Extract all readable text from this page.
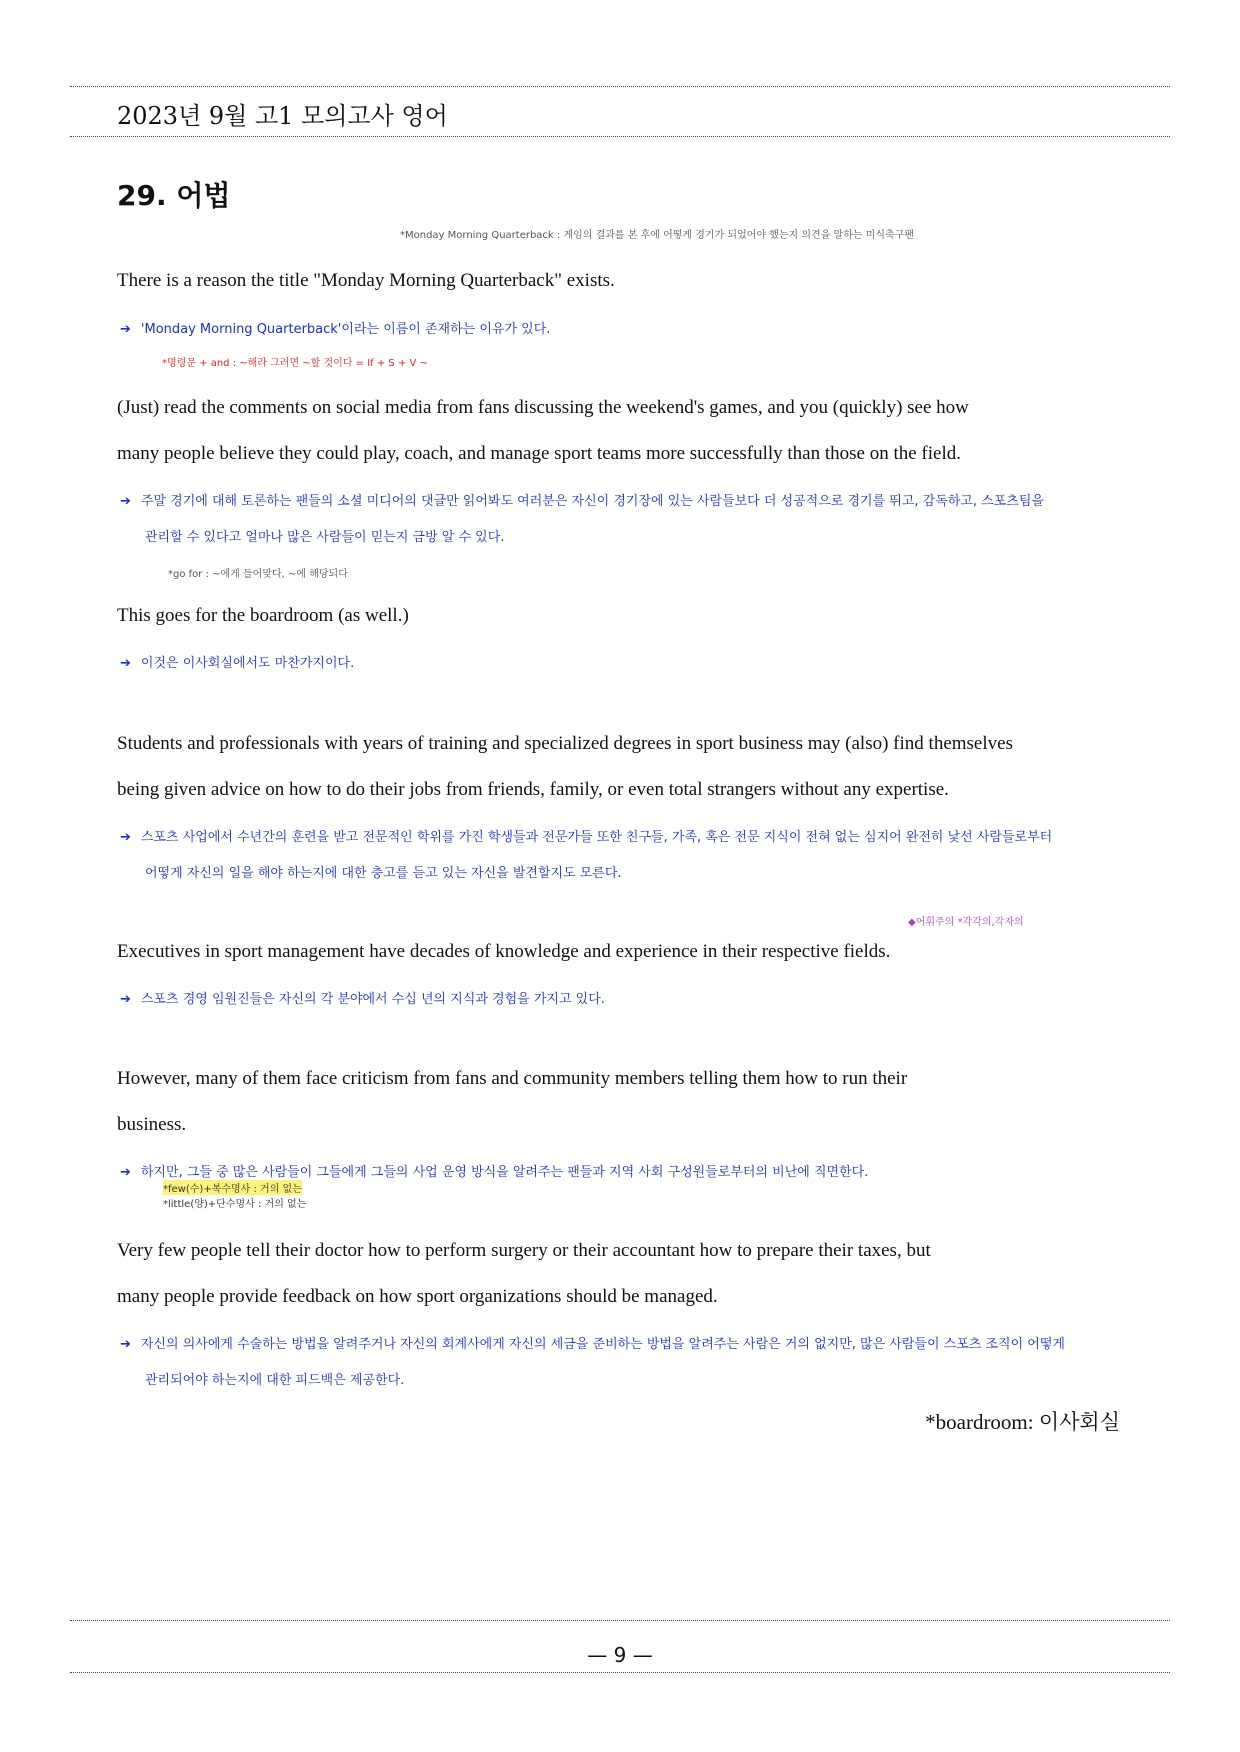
2023년 9월 고1 모의고사 영어
29. 어법
*Monday Morning Quarterback : 게임의 결과를 본 후에 어떻게 경기가 되었어야 했는지 의견을 말하는 미식축구팬
There is a reason the title "Monday Morning Quarterback" exists.
➔ 'Monday Morning Quarterback'이라는 이름이 존재하는 이유가 있다.
*명령문 + and : ~해라 그러면 ~할 것이다 = If + S + V ~
(Just) read the comments on social media from fans discussing the weekend's games, and you (quickly) see how
many people believe they could play, coach, and manage sport teams more successfully than those on the field.
➔ 주말 경기에 대해 토론하는 팬들의 소셜 미디어의 댓글만 읽어봐도 여러분은 자신이 경기장에 있는 사람들보다 더 성공적으로 경기를 뛰고, 감독하고, 스포츠팀을
관리할 수 있다고 얼마나 많은 사람들이 믿는지 금방 알 수 있다.
*go for : ~에게 들어맞다, ~에 해당되다
This goes for the boardroom (as well.)
➔ 이것은 이사회실에서도 마찬가지이다.
Students and professionals with years of training and specialized degrees in sport business may (also) find themselves
being given advice on how to do their jobs from friends, family, or even total strangers without any expertise.
➔ 스포츠 사업에서 수년간의 훈련을 받고 전문적인 학위를 가진 학생들과 전문가들 또한 친구들, 가족, 혹은 전문 지식이 전혀 없는 심지어 완전히 낯선 사람들로부터
어떻게 자신의 일을 해야 하는지에 대한 충고를 듣고 있는 자신을 발견할지도 모른다.
◆어휘주의 *각각의,각자의
Executives in sport management have decades of knowledge and experience in their respective fields.
➔ 스포츠 경영 임원진들은 자신의 각 분야에서 수십 년의 지식과 경험을 가지고 있다.
However, many of them face criticism from fans and community members telling them how to run their
business.
➔ 하지만, 그들 중 많은 사람들이 그들에게 그들의 사업 운영 방식을 알려주는 팬들과 지역 사회 구성원들로부터의 비난에 직면한다.
*few(수)+복수명사 : 거의 없는
*little(양)+단수명사 : 거의 없는
Very few people tell their doctor how to perform surgery or their accountant how to prepare their taxes, but
many people provide feedback on how sport organizations should be managed.
➔ 자신의 의사에게 수술하는 방법을 알려주거나 자신의 회계사에게 자신의 세금을 준비하는 방법을 알려주는 사람은 거의 없지만, 많은 사람들이 스포츠 조직이 어떻게
관리되어야 하는지에 대한 피드백은 제공한다.
*boardroom: 이사회실
— 9 —
